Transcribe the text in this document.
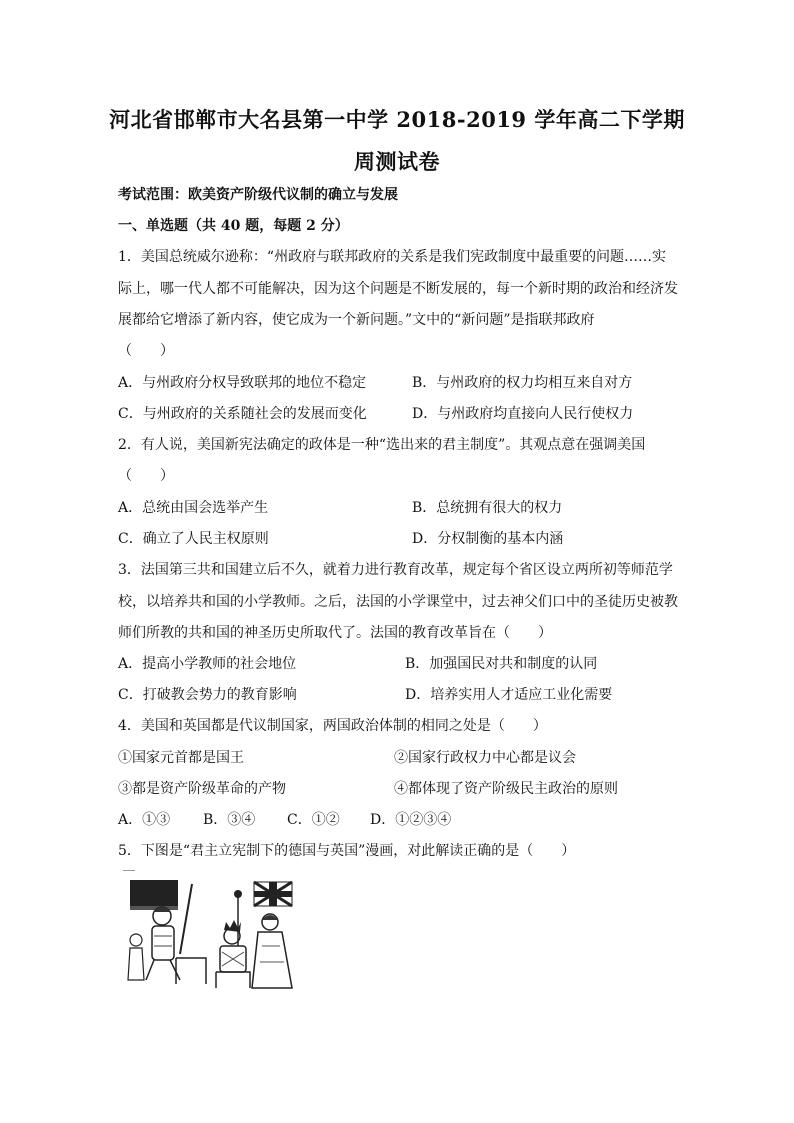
河北省邯郸市大名县第一中学 2018-2019 学年高二下学期
周测试卷
考试范围：欧美资产阶级代议制的确立与发展
一、单选题（共 40 题，每题 2 分）
1．美国总统威尔逊称：“州政府与联邦政府的关系是我们宪政制度中最重要的问题……实
际上，哪一代人都不可能解决，因为这个问题是不断发展的，每一个新时期的政治和经济发
展都给它增添了新内容，使它成为一个新问题。”文中的“新问题”是指联邦政府
（　　）
A．与州政府分权导致联邦的地位不稳定	B．与州政府的权力均相互来自对方
C．与州政府的关系随社会的发展而变化	D．与州政府均直接向人民行使权力
2．有人说，美国新宪法确定的政体是一种“选出来的君主制度”。其观点意在强调美国
（　　）
A．总统由国会选举产生	B．总统拥有很大的权力
C．确立了人民主权原则	D．分权制衡的基本内涵
3．法国第三共和国建立后不久，就着力进行教育改革，规定每个省区设立两所初等师范学
校，以培养共和国的小学教师。之后，法国的小学课堂中，过去神父们口中的圣徒历史被教
师们所教的共和国的神圣历史所取代了。法国的教育改革旨在（　　）
A．提高小学教师的社会地位	B．加强国民对共和制度的认同
C．打破教会势力的教育影响	D．培养实用人才适应工业化需要
4．美国和英国都是代议制国家，两国政治体制的相同之处是（　　）
①国家元首都是国王	②国家行政权力中心都是议会
③都是资产阶级革命的产物	④都体现了资产阶级民主政治的原则
A．①③ B．③④ C．①② D．①②③④
5．下图是“君主立宪制下的德国与英国”漫画，对此解读正确的是（　　）
